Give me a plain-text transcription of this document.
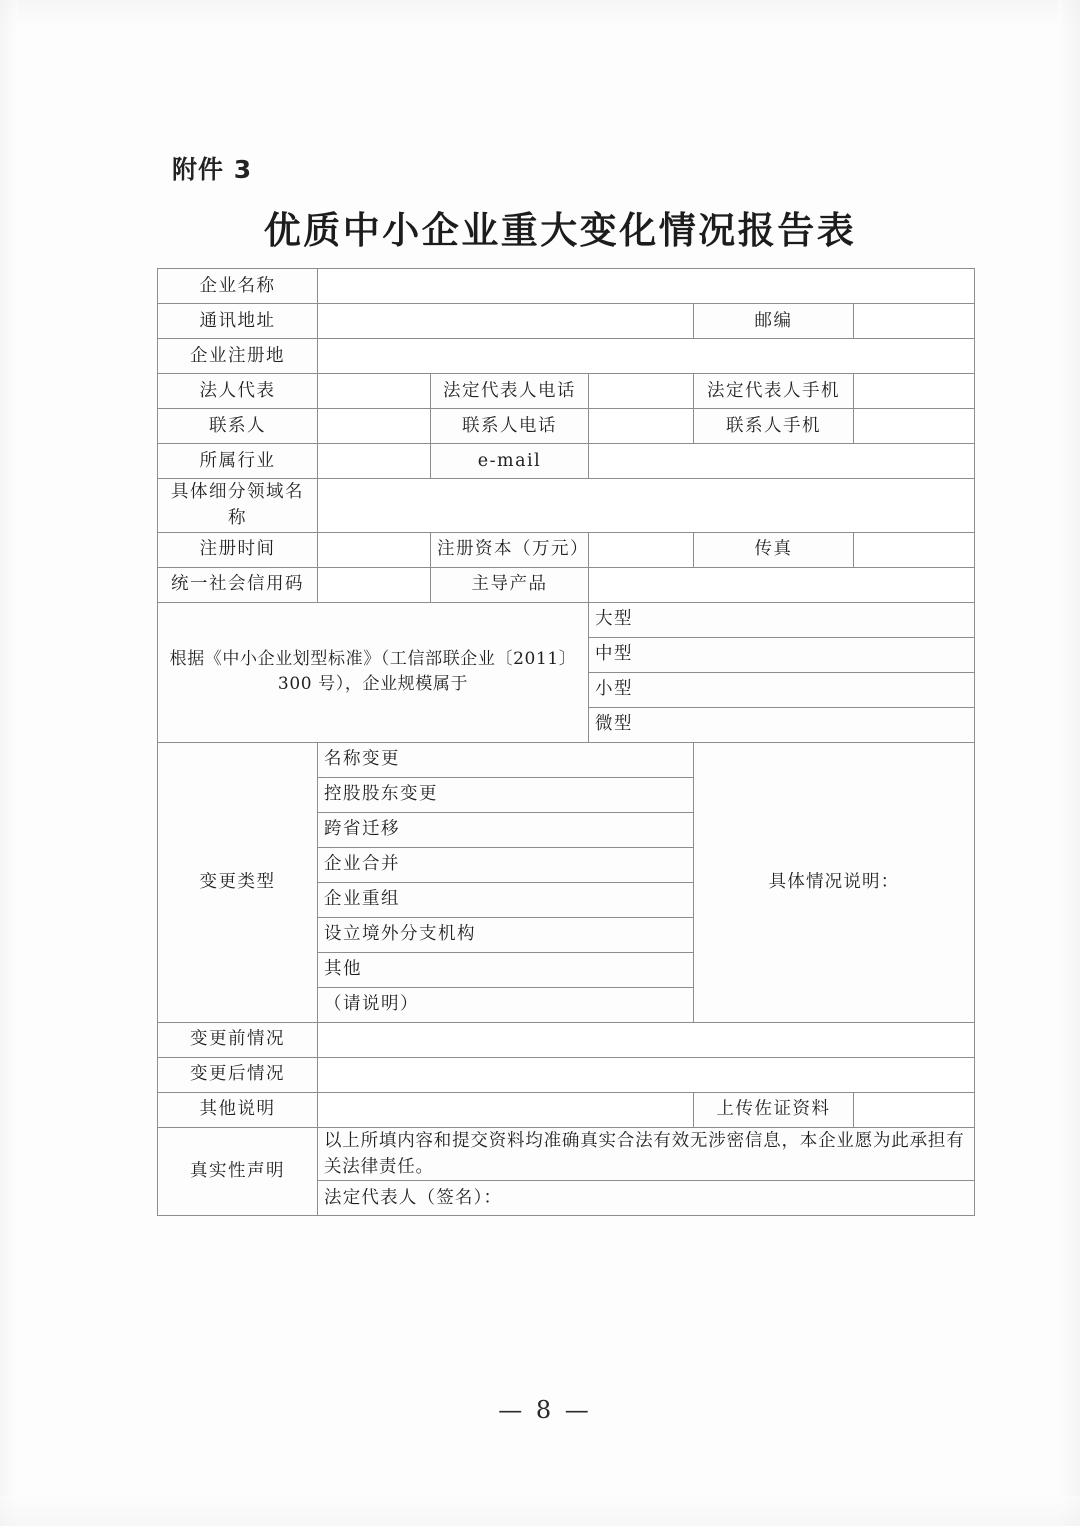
附件 3
优质中小企业重大变化情况报告表
企业名称					
通讯地址				邮编	
企业注册地					
法人代表		法定代表人电话		法定代表人手机	
联系人		联系人电话		联系人手机	
所属行业		e-mail			
具体细分领域名称					
注册时间		注册资本（万元）		传真	
统一社会信用码		主导产品			
根据《中小企业划型标准》（工信部联企业〔2011〕300 号），企业规模属于			大型		
			中型		
			小型		
			微型		
变更类型	名称变更			具体情况说明：	
	控股股东变更				
	跨省迁移				
	企业合并				
	企业重组				
	设立境外分支机构				
	其他				
	（请说明）				
变更前情况					
变更后情况					
其他说明				上传佐证资料	
真实性声明	以上所填内容和提交资料均准确真实合法有效无涉密信息，本企业愿为此承担有关法律责任。				
	法定代表人（签名）：				
— 8 —
